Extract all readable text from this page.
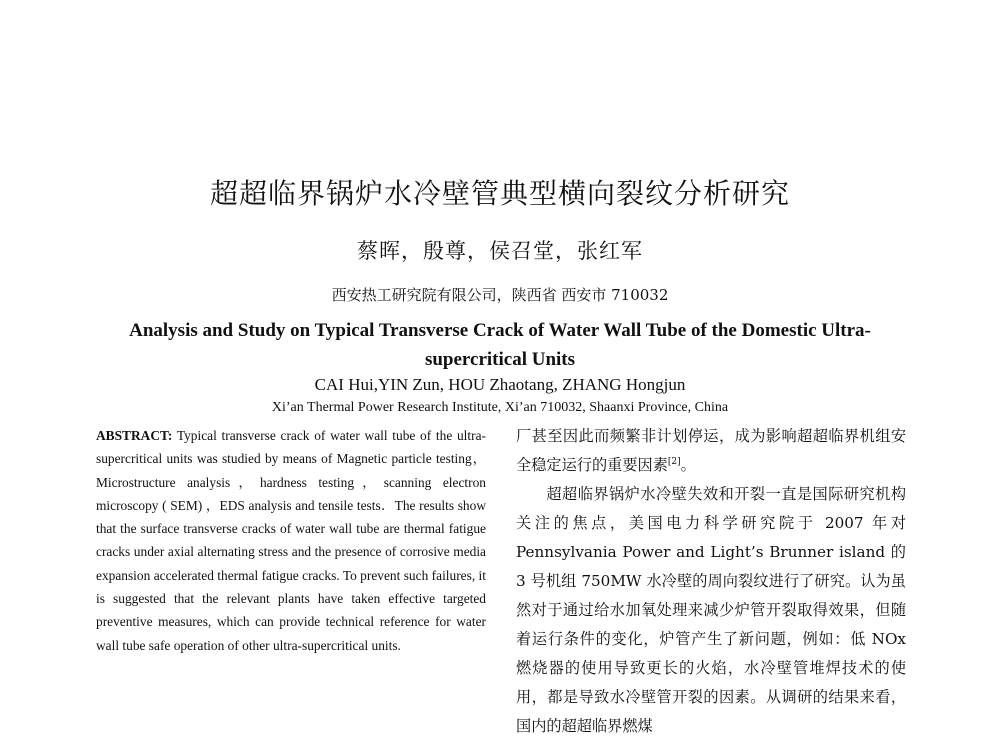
超超临界锅炉水冷壁管典型横向裂纹分析研究
蔡晖，殷尊，侯召堂，张红军
西安热工研究院有限公司，陕西省 西安市 710032
Analysis and Study on Typical Transverse Crack of Water Wall Tube of the Domestic Ultra-supercritical Units
CAI Hui,YIN Zun, HOU Zhaotang, ZHANG Hongjun
Xi’an Thermal Power Research Institute, Xi’an 710032, Shaanxi Province, China
ABSTRACT: Typical transverse crack of water wall tube of the ultra-supercritical units was studied by means of Magnetic particle testing，Microstructure analysis，hardness testing，scanning electron microscopy ( SEM) ，EDS analysis and tensile tests．The results show that the surface transverse cracks of water wall tube are thermal fatigue cracks under axial alternating stress and the presence of corrosive media expansion accelerated thermal fatigue cracks. To prevent such failures, it is suggested that the relevant plants have taken effective targeted preventive measures, which can provide technical reference for water wall tube safe operation of other ultra-supercritical units.

厂甚至因此而频繁非计划停运，成为影响超超临界机组安全稳定运行的重要因素[2]。

超超临界锅炉水冷壁失效和开裂一直是国际研究机构关注的焦点，美国电力科学研究院于 2007 年对 Pennsylvania Power and Light’s Brunner island 的 3 号机组 750MW 水冷壁的周向裂纹进行了研究。认为虽然对于通过给水加氧处理来减少炉管开裂取得效果，但随着运行条件的变化，炉管产生了新问题，例如：低 NOx 燃烧器的使用导致更长的火焰，水冷壁管堆焊技术的使用，都是导致水冷壁管开裂的因素。从调研的结果来看，国内的超超临界燃煤
